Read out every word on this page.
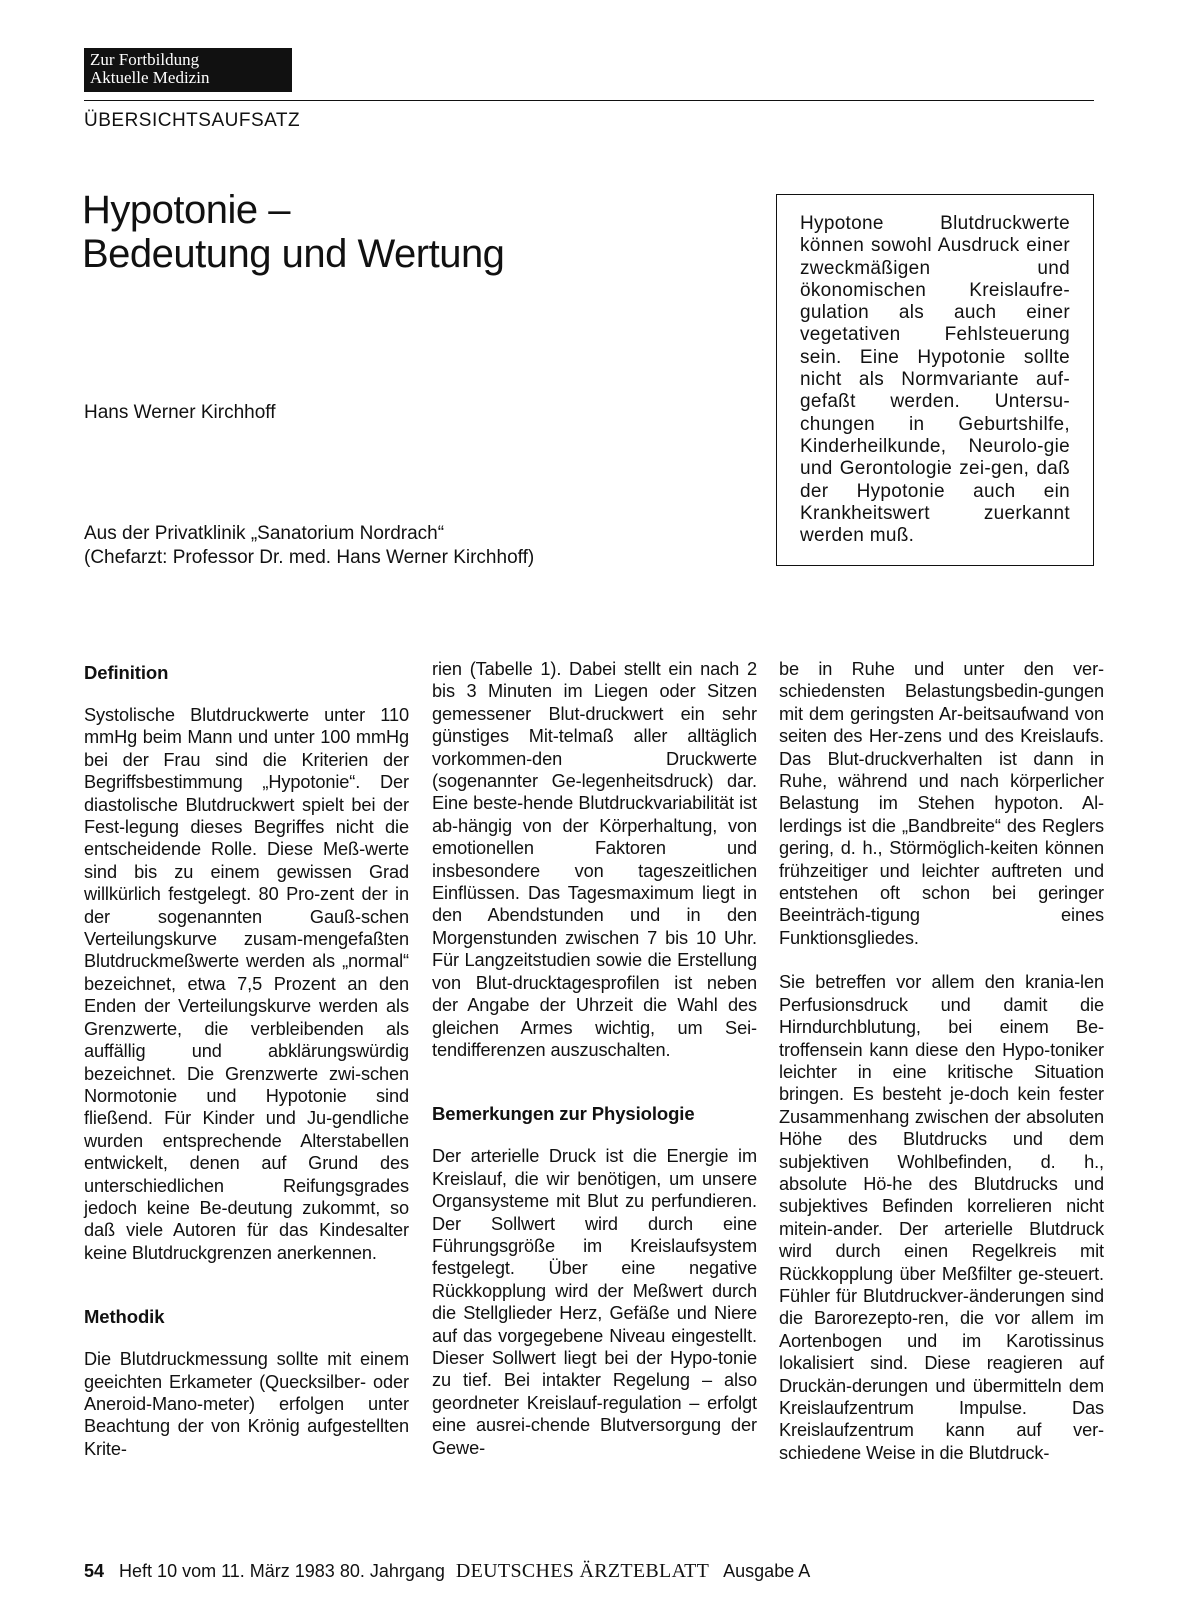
Zur Fortbildung
Aktuelle Medizin
ÜBERSICHTSAUFSATZ
Hypotonie –
Bedeutung und Wertung
Hans Werner Kirchhoff
Aus der Privatklinik „Sanatorium Nordrach“
(Chefarzt: Professor Dr. med. Hans Werner Kirchhoff)
Hypotone Blutdruckwerte können sowohl Ausdruck einer zweckmäßigen und ökonomischen Kreislaufre-gulation als auch einer vegetativen Fehlsteuerung sein. Eine Hypotonie sollte nicht als Normvariante auf-gefaßt werden. Untersu-chungen in Geburtshilfe, Kinderheilkunde, Neurolo-gie und Gerontologie zei-gen, daß der Hypotonie auch ein Krankheitswert zuerkannt werden muß.
Definition

Systolische Blutdruckwerte unter 110 mmHg beim Mann und unter 100 mmHg bei der Frau sind die Kriterien der Begriffsbestimmung „Hypotonie“. Der diastolische Blutdruckwert spielt bei der Fest-legung dieses Begriffes nicht die entscheidende Rolle. Diese Meß-werte sind bis zu einem gewissen Grad willkürlich festgelegt. 80 Pro-zent der in der sogenannten Gauß-schen Verteilungskurve zusam-mengefaßten Blutdruckmeßwerte werden als „normal“ bezeichnet, etwa 7,5 Prozent an den Enden der Verteilungskurve werden als Grenzwerte, die verbleibenden als auffällig und abklärungswürdig bezeichnet. Die Grenzwerte zwi-schen Normotonie und Hypotonie sind fließend. Für Kinder und Ju-gendliche wurden entsprechende Alterstabellen entwickelt, denen auf Grund des unterschiedlichen Reifungsgrades jedoch keine Be-deutung zukommt, so daß viele Autoren für das Kindesalter keine Blutdruckgrenzen anerkennen.

Methodik

Die Blutdruckmessung sollte mit einem geeichten Erkameter (Quecksilber- oder Aneroid-Mano-meter) erfolgen unter Beachtung der von Krönig aufgestellten Krite-

rien (Tabelle 1). Dabei stellt ein nach 2 bis 3 Minuten im Liegen oder Sitzen gemessener Blut-druckwert ein sehr günstiges Mit-telmaß aller alltäglich vorkommen-den Druckwerte (sogenannter Ge-legenheitsdruck) dar. Eine beste-hende Blutdruckvariabilität ist ab-hängig von der Körperhaltung, von emotionellen Faktoren und insbesondere von tageszeitlichen Einflüssen. Das Tagesmaximum liegt in den Abendstunden und in den Morgenstunden zwischen 7 bis 10 Uhr. Für Langzeitstudien sowie die Erstellung von Blut-drucktagesprofilen ist neben der Angabe der Uhrzeit die Wahl des gleichen Armes wichtig, um Sei-tendifferenzen auszuschalten.

Bemerkungen zur Physiologie

Der arterielle Druck ist die Energie im Kreislauf, die wir benötigen, um unsere Organsysteme mit Blut zu perfundieren. Der Sollwert wird durch eine Führungsgröße im Kreislaufsystem festgelegt. Über eine negative Rückkopplung wird der Meßwert durch die Stellglieder Herz, Gefäße und Niere auf das vorgegebene Niveau eingestellt. Dieser Sollwert liegt bei der Hypo-tonie zu tief. Bei intakter Regelung – also geordneter Kreislauf-regulation – erfolgt eine ausrei-chende Blutversorgung der Gewe-

be in Ruhe und unter den ver-schiedensten Belastungsbedin-gungen mit dem geringsten Ar-beitsaufwand von seiten des Her-zens und des Kreislaufs. Das Blut-druckverhalten ist dann in Ruhe, während und nach körperlicher Belastung im Stehen hypoton. Al-lerdings ist die „Bandbreite“ des Reglers gering, d. h., Störmöglich-keiten können frühzeitiger und leichter auftreten und entstehen oft schon bei geringer Beeinträch-tigung eines Funktionsgliedes.

Sie betreffen vor allem den krania-len Perfusionsdruck und damit die Hirndurchblutung, bei einem Be-troffensein kann diese den Hypo-toniker leichter in eine kritische Situation bringen. Es besteht je-doch kein fester Zusammenhang zwischen der absoluten Höhe des Blutdrucks und dem subjektiven Wohlbefinden, d. h., absolute Hö-he des Blutdrucks und subjektives Befinden korrelieren nicht mitein-ander. Der arterielle Blutdruck wird durch einen Regelkreis mit Rückkopplung über Meßfilter ge-steuert. Fühler für Blutdruckver-änderungen sind die Barorezepto-ren, die vor allem im Aortenbogen und im Karotissinus lokalisiert sind. Diese reagieren auf Druckän-derungen und übermitteln dem Kreislaufzentrum Impulse. Das Kreislaufzentrum kann auf ver-schiedene Weise in die Blutdruck-

54 Heft 10 vom 11. März 1983 80. Jahrgang DEUTSCHES ÄRZTEBLATT Ausgabe A
